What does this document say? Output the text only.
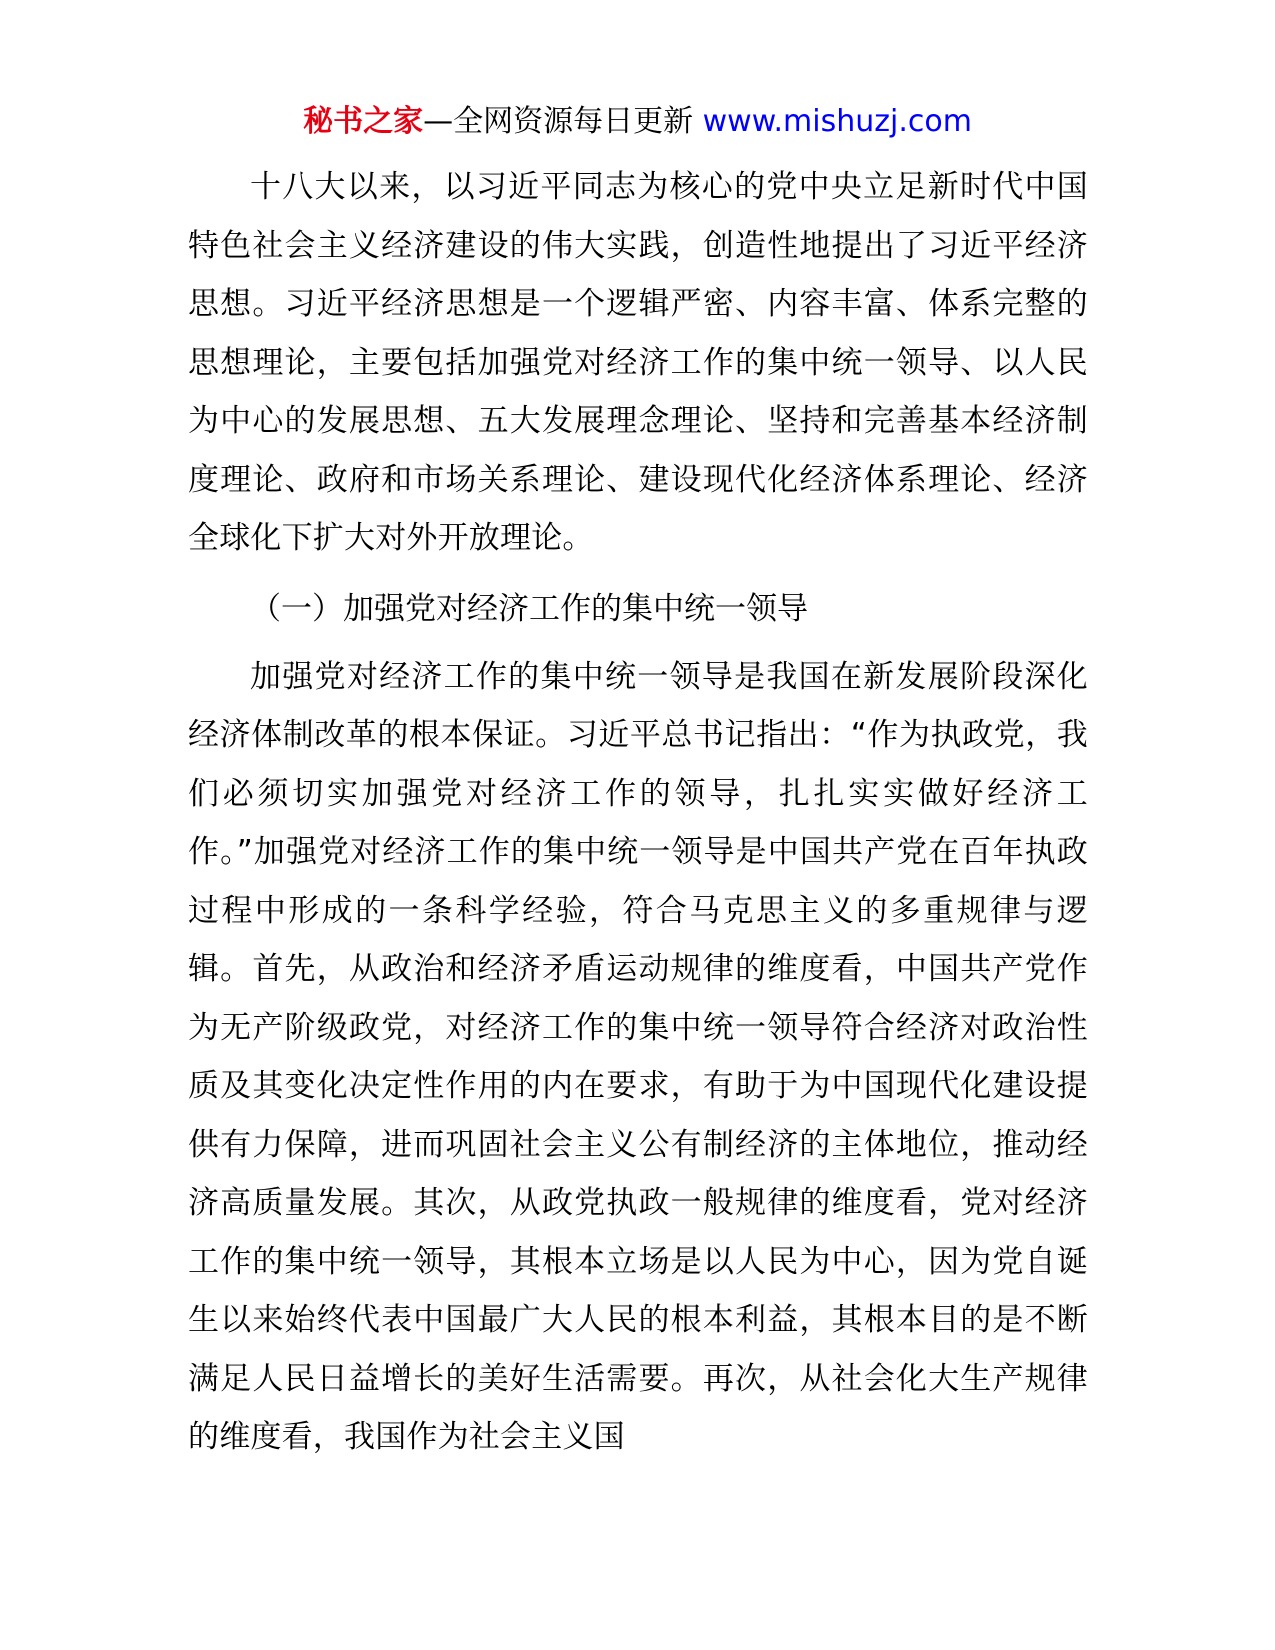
秘书之家—全网资源每日更新 www.mishuzj.com

十八大以来，以习近平同志为核心的党中央立足新时代中国特色社会主义经济建设的伟大实践，创造性地提出了习近平经济思想。习近平经济思想是一个逻辑严密、内容丰富、体系完整的思想理论，主要包括加强党对经济工作的集中统一领导、以人民为中心的发展思想、五大发展理念理论、坚持和完善基本经济制度理论、政府和市场关系理论、建设现代化经济体系理论、经济全球化下扩大对外开放理论。

（一）加强党对经济工作的集中统一领导

加强党对经济工作的集中统一领导是我国在新发展阶段深化经济体制改革的根本保证。习近平总书记指出：“作为执政党，我们必须切实加强党对经济工作的领导，扎扎实实做好经济工作。”加强党对经济工作的集中统一领导是中国共产党在百年执政过程中形成的一条科学经验，符合马克思主义的多重规律与逻辑。首先，从政治和经济矛盾运动规律的维度看，中国共产党作为无产阶级政党，对经济工作的集中统一领导符合经济对政治性质及其变化决定性作用的内在要求，有助于为中国现代化建设提供有力保障，进而巩固社会主义公有制经济的主体地位，推动经济高质量发展。其次，从政党执政一般规律的维度看，党对经济工作的集中统一领导，其根本立场是以人民为中心，因为党自诞生以来始终代表中国最广大人民的根本利益，其根本目的是不断满足人民日益增长的美好生活需要。再次，从社会化大生产规律的维度看，我国作为社会主义国
